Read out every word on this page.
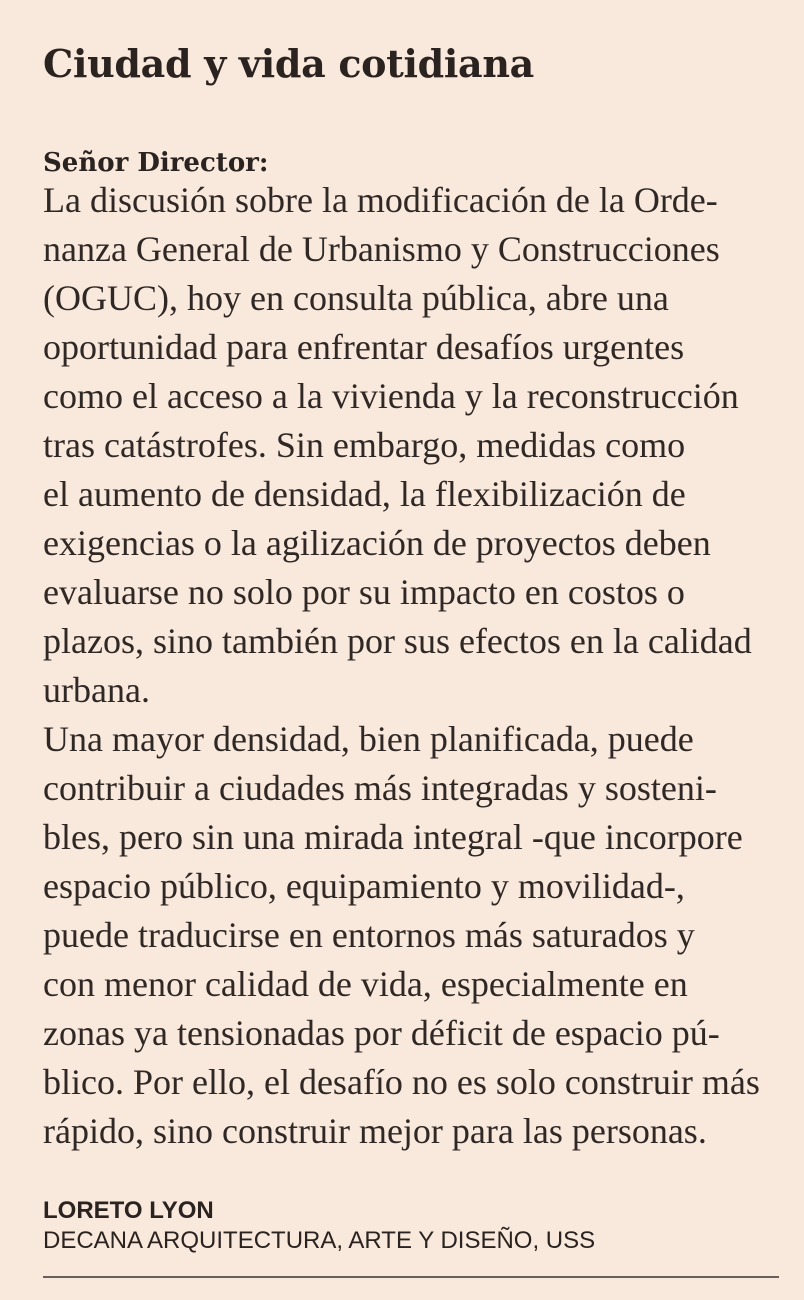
Ciudad y vida cotidiana
Señor Director:
La discusión sobre la modificación de la Orde-
nanza General de Urbanismo y Construcciones
(OGUC), hoy en consulta pública, abre una
oportunidad para enfrentar desafíos urgentes
como el acceso a la vivienda y la reconstrucción
tras catástrofes. Sin embargo, medidas como
el aumento de densidad, la flexibilización de
exigencias o la agilización de proyectos deben
evaluarse no solo por su impacto en costos o
plazos, sino también por sus efectos en la calidad
urbana.
Una mayor densidad, bien planificada, puede
contribuir a ciudades más integradas y sosteni-
bles, pero sin una mirada integral -que incorpore
espacio público, equipamiento y movilidad-,
puede traducirse en entornos más saturados y
con menor calidad de vida, especialmente en
zonas ya tensionadas por déficit de espacio pú-
blico. Por ello, el desafío no es solo construir más
rápido, sino construir mejor para las personas.
LORETO LYON
DECANA ARQUITECTURA, ARTE Y DISEÑO, USS
